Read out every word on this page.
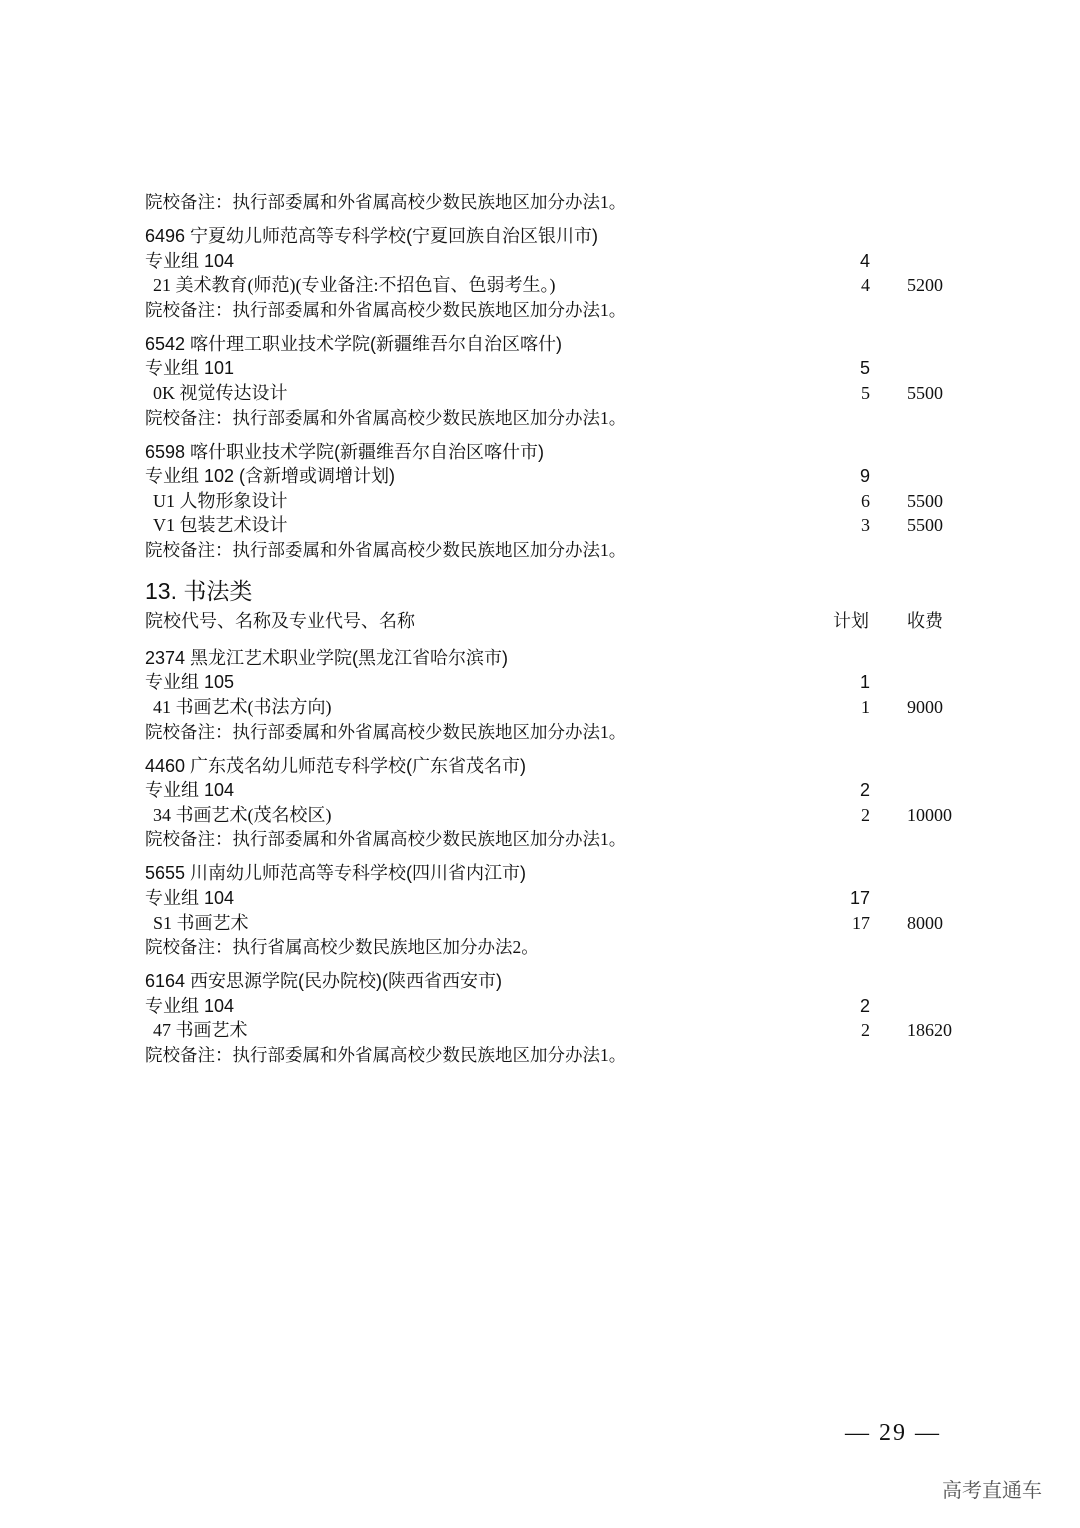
院校备注：执行部委属和外省属高校少数民族地区加分办法1。
6496 宁夏幼儿师范高等专科学校(宁夏回族自治区银川市)
专业组 104	4
21 美术教育(师范)(专业备注:不招色盲、色弱考生。)	4 5200
院校备注：执行部委属和外省属高校少数民族地区加分办法1。
6542 喀什理工职业技术学院(新疆维吾尔自治区喀什)
专业组 101	5
0K 视觉传达设计	5 5500
院校备注：执行部委属和外省属高校少数民族地区加分办法1。
6598 喀什职业技术学院(新疆维吾尔自治区喀什市)
专业组 102 (含新增或调增计划)	9
U1 人物形象设计	6 5500
V1 包装艺术设计	3 5500
院校备注：执行部委属和外省属高校少数民族地区加分办法1。
13. 书法类
院校代号、名称及专业代号、名称	计划 收费
2374 黑龙江艺术职业学院(黑龙江省哈尔滨市)
专业组 105	1
41 书画艺术(书法方向)	1 9000
院校备注：执行部委属和外省属高校少数民族地区加分办法1。
4460 广东茂名幼儿师范专科学校(广东省茂名市)
专业组 104	2
34 书画艺术(茂名校区)	2 10000
院校备注：执行部委属和外省属高校少数民族地区加分办法1。
5655 川南幼儿师范高等专科学校(四川省内江市)
专业组 104	17
S1 书画艺术	17 8000
院校备注：执行省属高校少数民族地区加分办法2。
6164 西安思源学院(民办院校)(陕西省西安市)
专业组 104	2
47 书画艺术	2 18620
院校备注：执行部委属和外省属高校少数民族地区加分办法1。
— 29 —
高考直通车
